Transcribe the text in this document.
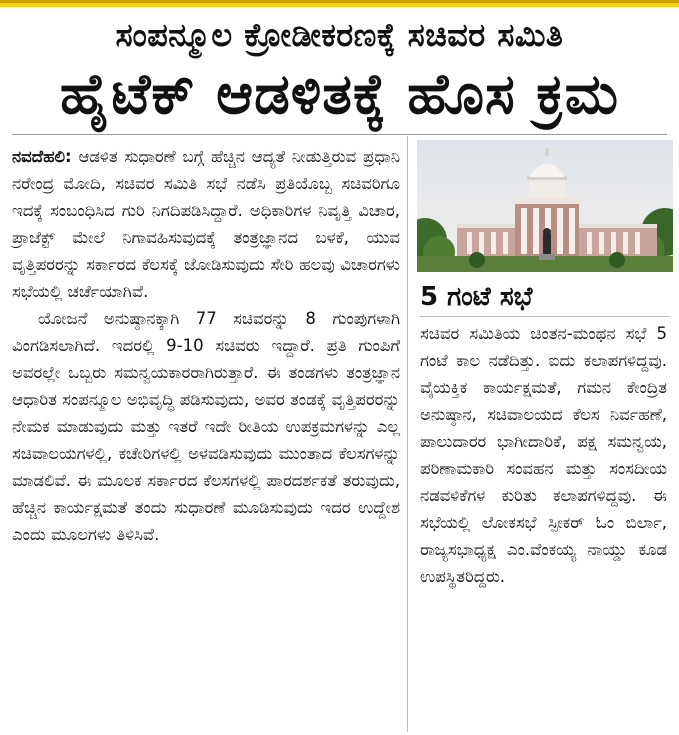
ಸಂಪನ್ಮೂಲ ಕ್ರೋಡೀಕರಣಕ್ಕೆ ಸಚಿವರ ಸಮಿತಿ
ಹೈಟೆಕ್ ಆಡಳಿತಕ್ಕೆ ಹೊಸ ಕ್ರಮ

ನವದೆಹಲಿ: ಆಡಳಿತ ಸುಧಾರಣೆ ಬಗ್ಗೆ ಹೆಚ್ಚಿನ ಆದ್ಯತೆ ನೀಡುತ್ತಿರುವ ಪ್ರಧಾನಿ ನರೇಂದ್ರ ಮೋದಿ, ಸಚಿವರ ಸಮಿತಿ ಸಭೆ ನಡೆಸಿ ಪ್ರತಿಯೊಬ್ಬ ಸಚಿವರಿಗೂ ಇದಕ್ಕೆ ಸಂಬಂಧಿಸಿದ ಗುರಿ ನಿಗದಿಪಡಿಸಿದ್ದಾರೆ. ಅಧಿಕಾರಿಗಳ ನಿವೃತ್ತಿ ವಿಚಾರ, ಪ್ರಾಜೆಕ್ಟ್ ಮೇಲೆ ನಿಗಾವಹಿಸುವುದಕ್ಕೆ ತಂತ್ರಜ್ಞಾನದ ಬಳಕೆ, ಯುವ ವೃತ್ತಿಪರರನ್ನು ಸರ್ಕಾರದ ಕೆಲಸಕ್ಕೆ ಜೋಡಿಸುವುದು ಸೇರಿ ಹಲವು ವಿಚಾರಗಳು ಸಭೆಯಲ್ಲಿ ಚರ್ಚೆಯಾಗಿವೆ.

ಯೋಜನೆ ಅನುಷ್ಠಾನಕ್ಕಾಗಿ 77 ಸಚಿವರನ್ನು 8 ಗುಂಪುಗಳಾಗಿ ವಿಂಗಡಿಸಲಾಗಿದೆ. ಇದರಲ್ಲಿ 9-10 ಸಚಿವರು ಇದ್ದಾರೆ. ಪ್ರತಿ ಗುಂಪಿಗೆ ಅವರಲ್ಲೇ ಒಬ್ಬರು ಸಮನ್ವಯಕಾರರಾಗಿರುತ್ತಾರೆ. ಈ ತಂಡಗಳು ತಂತ್ರಜ್ಞಾನ ಆಧಾರಿತ ಸಂಪನ್ಮೂಲ ಅಭಿವೃದ್ಧಿ ಪಡಿಸುವುದು, ಅವರ ತಂಡಕ್ಕೆ ವೃತ್ತಿಪರರನ್ನು ನೇಮಕ ಮಾಡುವುದು ಮತ್ತು ಇತರೆ ಇದೇ ರೀತಿಯ ಉಪಕ್ರಮಗಳನ್ನು ಎಲ್ಲ ಸಚಿವಾಲಯಗಳಲ್ಲಿ, ಕಚೇರಿಗಳಲ್ಲಿ ಅಳವಡಿಸುವುದು ಮುಂತಾದ ಕೆಲಸಗಳನ್ನು ಮಾಡಲಿವೆ. ಈ ಮೂಲಕ ಸರ್ಕಾರದ ಕೆಲಸಗಳಲ್ಲಿ ಪಾರದರ್ಶಕತೆ ತರುವುದು, ಹೆಚ್ಚಿನ ಕಾರ್ಯಕ್ಷಮತೆ ತಂದು ಸುಧಾರಣೆ ಮೂಡಿಸುವುದು ಇದರ ಉದ್ದೇಶ ಎಂದು ಮೂಲಗಳು ತಿಳಿಸಿವೆ.

5 ಗಂಟೆ ಸಭೆ

ಸಚಿವರ ಸಮಿತಿಯ ಚಿಂತನ-ಮಂಥನ ಸಭೆ 5 ಗಂಟೆ ಕಾಲ ನಡೆದಿತ್ತು. ಐದು ಕಲಾಪಗಳಿದ್ದವು. ವೈಯಕ್ತಿಕ ಕಾರ್ಯಕ್ಷಮತೆ, ಗಮನ ಕೇಂದ್ರಿತ ಅನುಷ್ಠಾನ, ಸಚಿವಾಲಯದ ಕೆಲಸ ನಿರ್ವಹಣೆ, ಪಾಲುದಾರರ ಭಾಗೀದಾರಿಕೆ, ಪಕ್ಷ ಸಮನ್ವಯ, ಪರಿಣಾಮಕಾರಿ ಸಂವಹನ ಮತ್ತು ಸಂಸದೀಯ ನಡವಳಿಕೆಗಳ ಕುರಿತು ಕಲಾಪಗಳಿದ್ದವು. ಈ ಸಭೆಯಲ್ಲಿ ಲೋಕಸಭೆ ಸ್ಪೀಕರ್ ಓಂ ಬಿರ್ಲಾ, ರಾಜ್ಯಸಭಾಧ್ಯಕ್ಷ ಎಂ.ವೆಂಕಯ್ಯ ನಾಯ್ಡು ಕೂಡ ಉಪಸ್ಥಿತರಿದ್ದರು.
